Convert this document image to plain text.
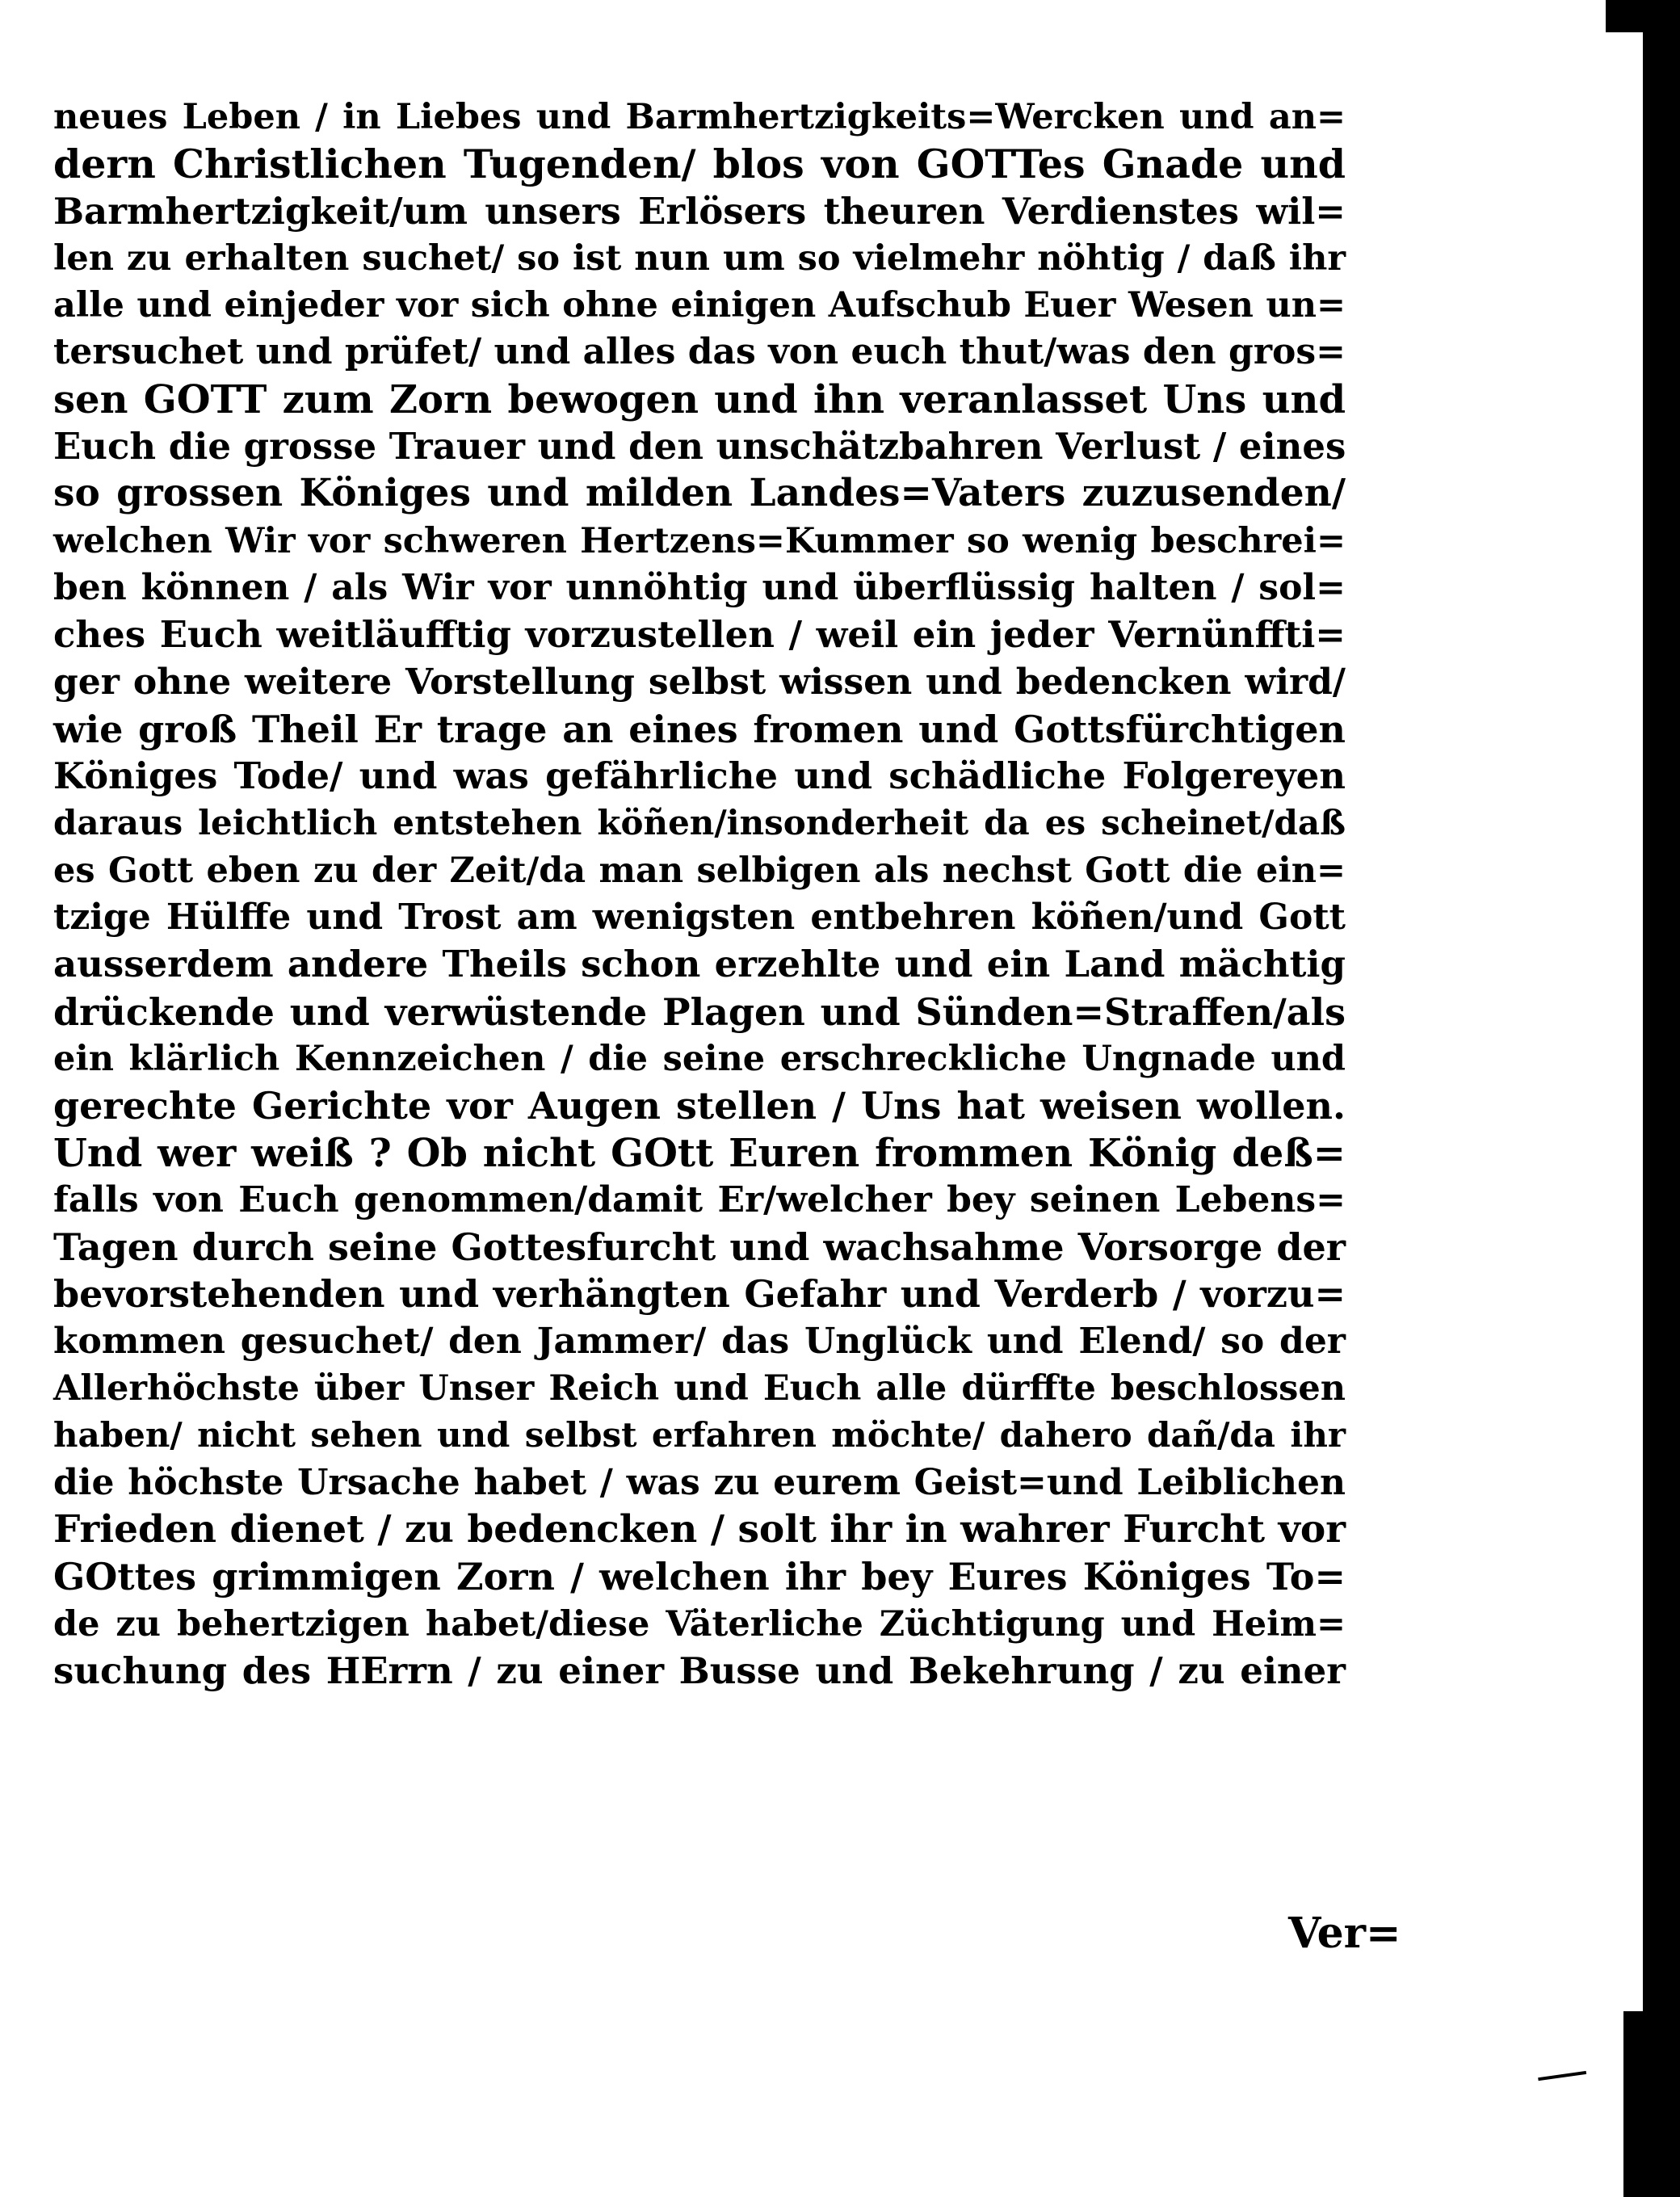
neues Leben / in Liebes und Barmhertzigkeits=Wercken und an=
dern Christlichen Tugenden/ blos von GOTTes Gnade und
Barmhertzigkeit/um unsers Erlösers theuren Verdienstes wil=
len zu erhalten suchet/ so ist nun um so vielmehr nöhtig / daß ihr
alle und einjeder vor sich ohne einigen Aufschub Euer Wesen un=
tersuchet und prüfet/ und alles das von euch thut/was den gros=
sen GOTT zum Zorn bewogen und ihn veranlasset Uns und
Euch die grosse Trauer und den unschätzbahren Verlust / eines
so grossen Königes und milden Landes=Vaters zuzusenden/
welchen Wir vor schweren Hertzens=Kummer so wenig beschrei=
ben können / als Wir vor unnöhtig und überflüssig halten / sol=
ches Euch weitläufftig vorzustellen / weil ein jeder Vernünffti=
ger ohne weitere Vorstellung selbst wissen und bedencken wird/
wie groß Theil Er trage an eines fromen und Gottsfürchtigen
Königes Tode/ und was gefährliche und schädliche Folgereyen
daraus leichtlich entstehen köñen/insonderheit da es scheinet/daß
es Gott eben zu der Zeit/da man selbigen als nechst Gott die ein=
tzige Hülffe und Trost am wenigsten entbehren köñen/und Gott
ausserdem andere Theils schon erzehlte und ein Land mächtig
drückende und verwüstende Plagen und Sünden=Straffen/als
ein klärlich Kennzeichen / die seine erschreckliche Ungnade und
gerechte Gerichte vor Augen stellen / Uns hat weisen wollen.
Und wer weiß ? Ob nicht GOtt Euren frommen König deß=
falls von Euch genommen/damit Er/welcher bey seinen Lebens=
Tagen durch seine Gottesfurcht und wachsahme Vorsorge der
bevorstehenden und verhängten Gefahr und Verderb / vorzu=
kommen gesuchet/ den Jammer/ das Unglück und Elend/ so der
Allerhöchste über Unser Reich und Euch alle dürffte beschlossen
haben/ nicht sehen und selbst erfahren möchte/ dahero dañ/da ihr
die höchste Ursache habet / was zu eurem Geist=und Leiblichen
Frieden dienet / zu bedencken / solt ihr in wahrer Furcht vor
GOttes grimmigen Zorn / welchen ihr bey Eures Königes To=
de zu behertzigen habet/diese Väterliche Züchtigung und Heim=
suchung des HErrn / zu einer Busse und Bekehrung / zu einer
Ver=
